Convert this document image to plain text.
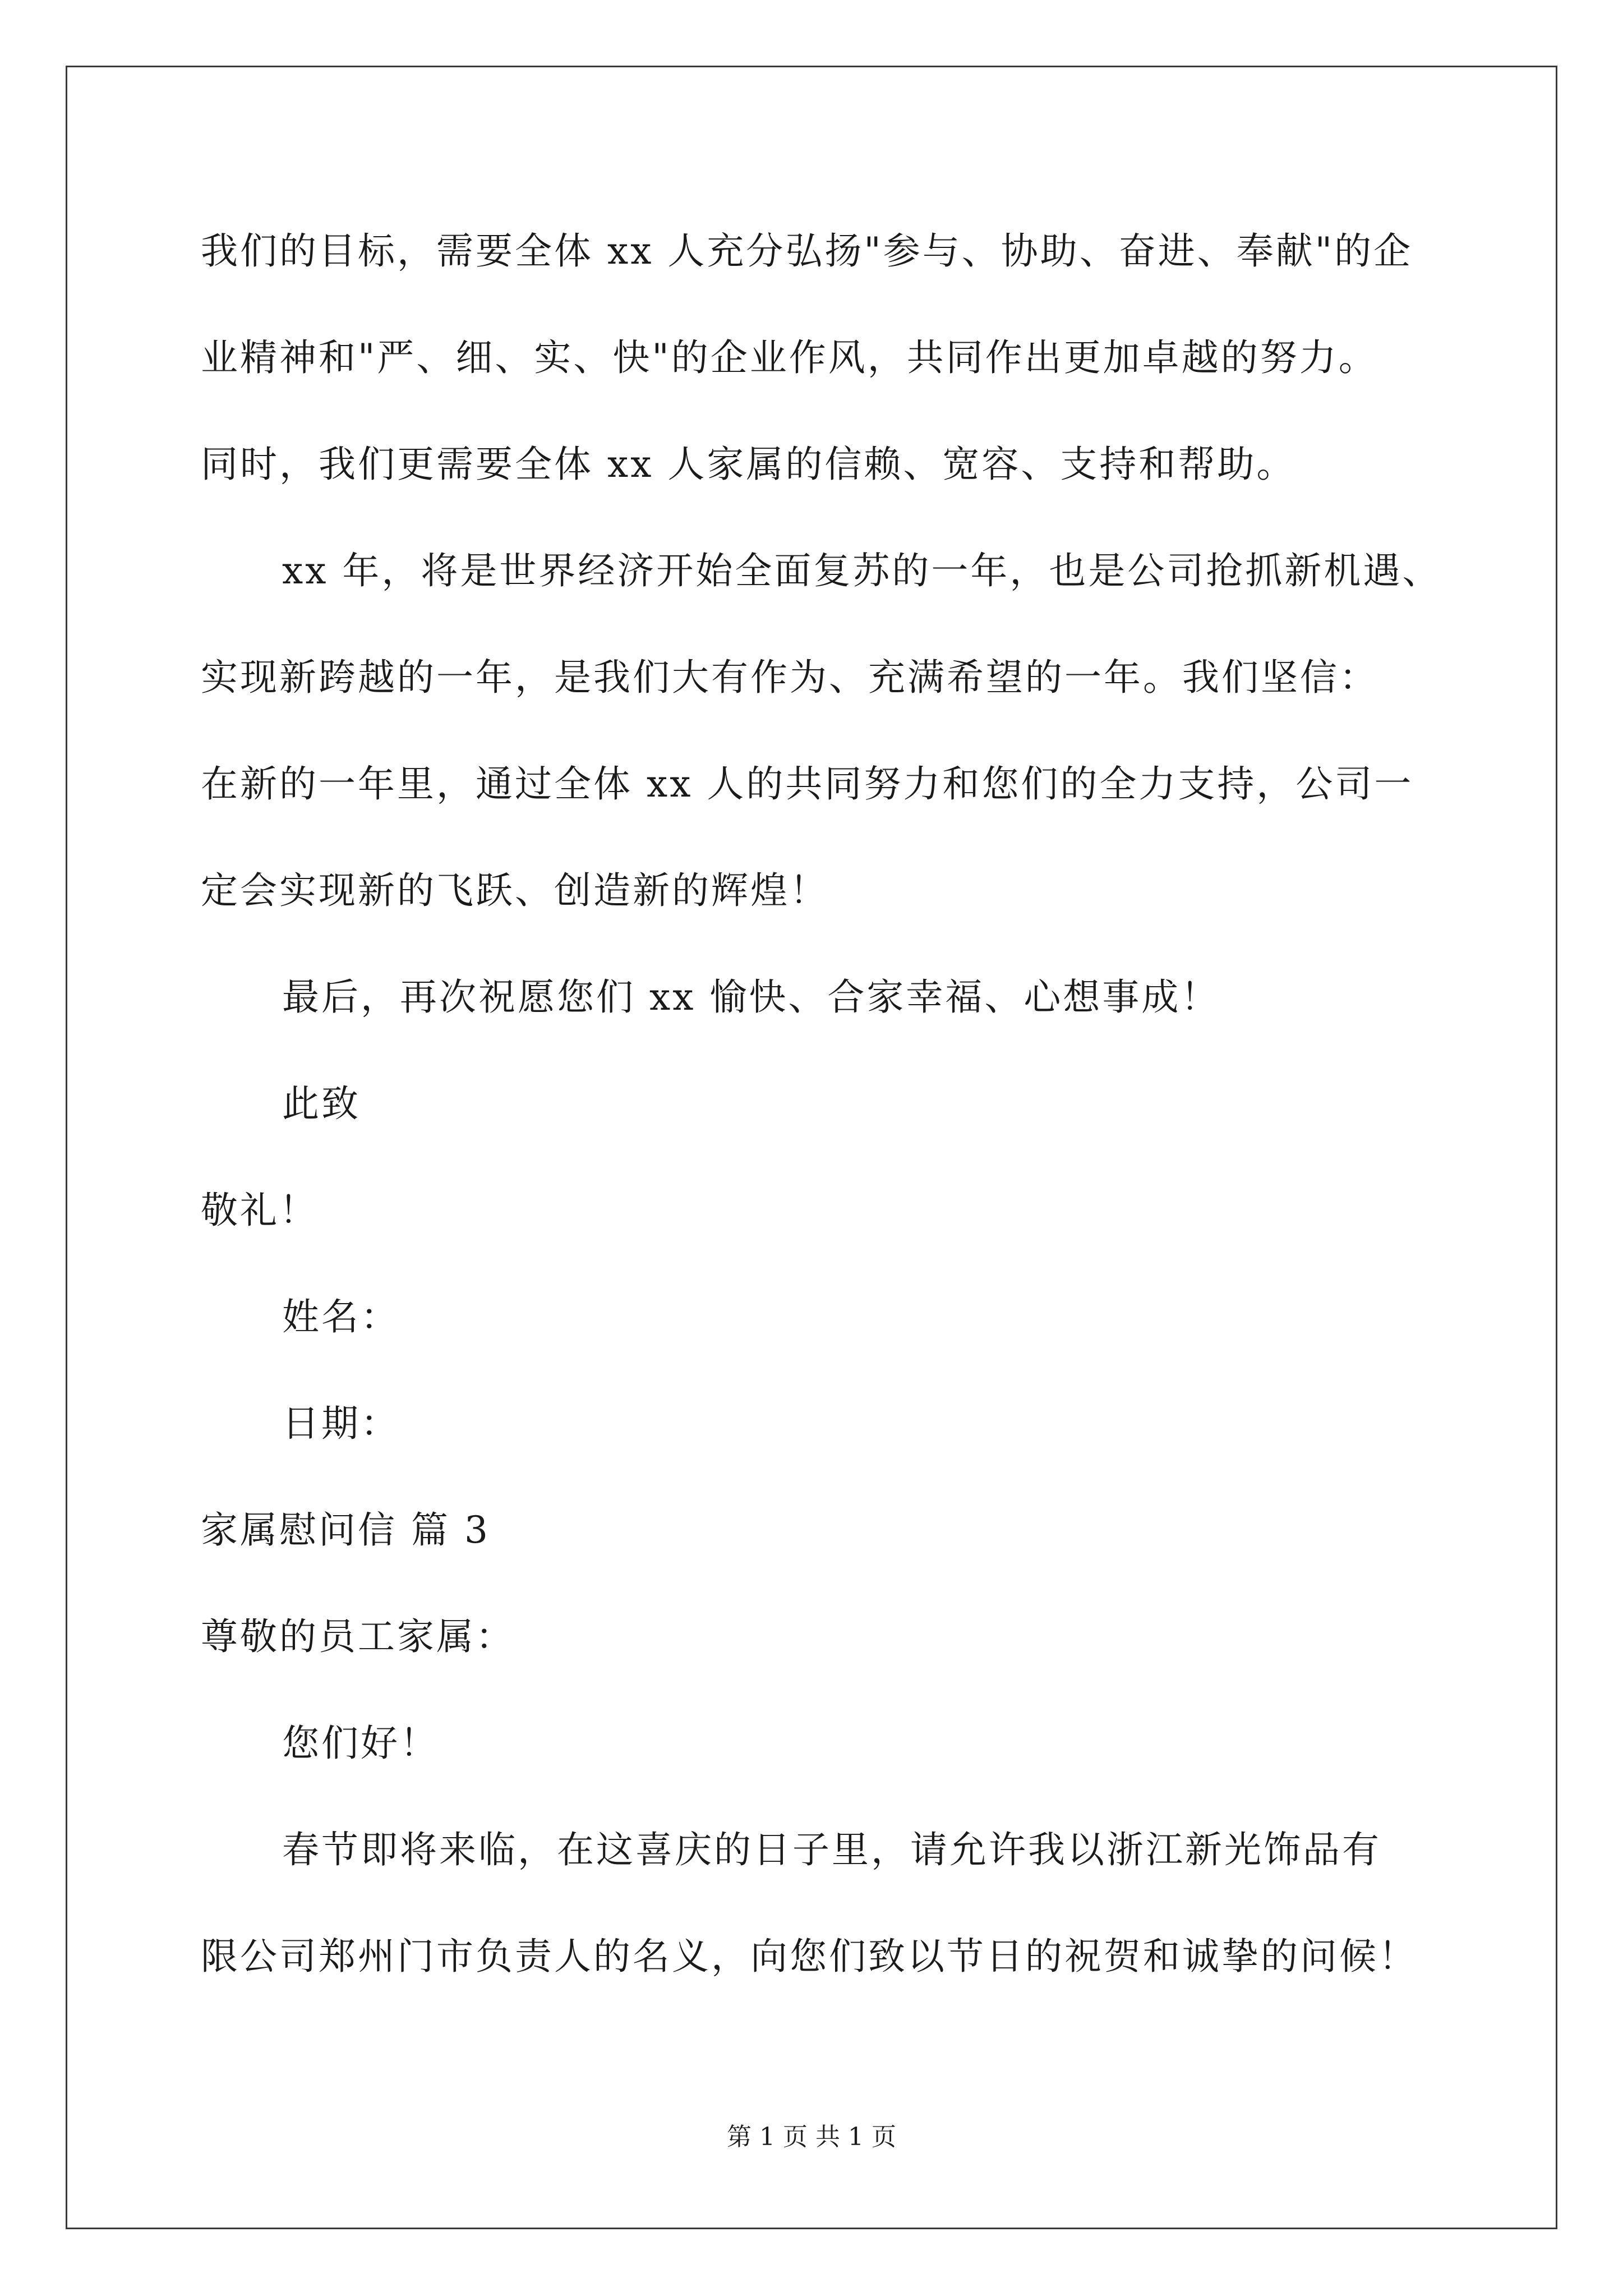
我们的目标，需要全体 xx 人充分弘扬"参与、协助、奋进、奉献"的企
业精神和"严、细、实、快"的企业作风，共同作出更加卓越的努力。
同时，我们更需要全体 xx 人家属的信赖、宽容、支持和帮助。
xx 年，将是世界经济开始全面复苏的一年，也是公司抢抓新机遇、
实现新跨越的一年，是我们大有作为、充满希望的一年。我们坚信：
在新的一年里，通过全体 xx 人的共同努力和您们的全力支持，公司一
定会实现新的飞跃、创造新的辉煌！
最后，再次祝愿您们 xx 愉快、合家幸福、心想事成！
此致
敬礼！
姓名：
日期：
家属慰问信 篇 3
尊敬的员工家属：
您们好！
春节即将来临，在这喜庆的日子里，请允许我以浙江新光饰品有
限公司郑州门市负责人的名义，向您们致以节日的祝贺和诚挚的问候！
第 1 页 共 1 页
